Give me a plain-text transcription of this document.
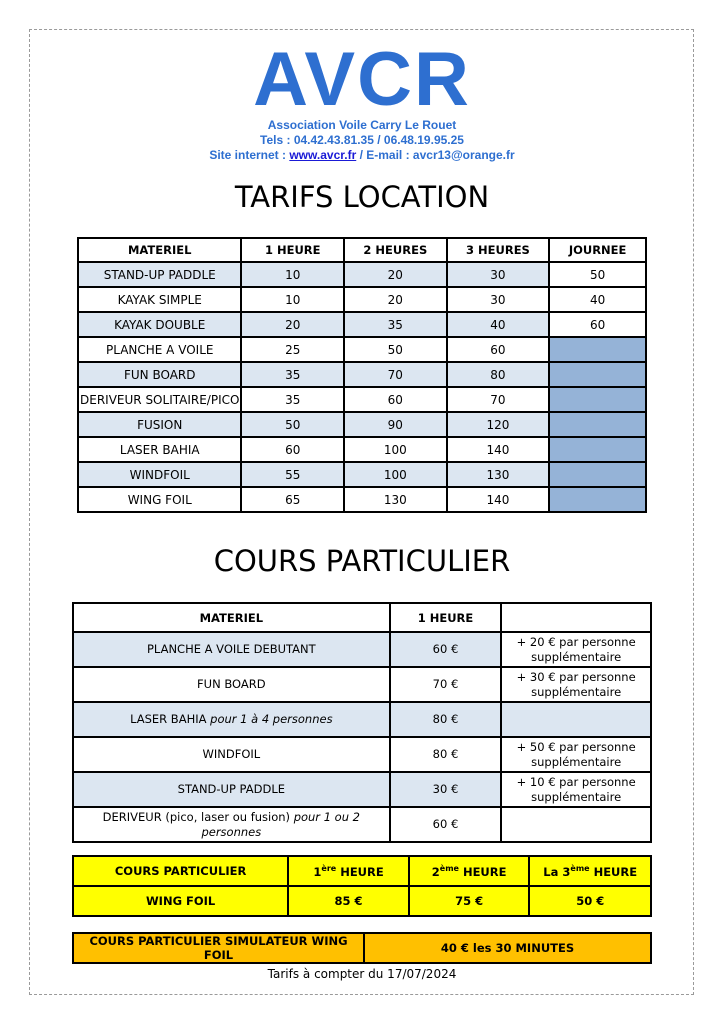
AVCR
Association Voile Carry Le Rouet
Tels : 04.42.43.81.35 / 06.48.19.95.25
Site internet : www.avcr.fr / E-mail : avcr13@orange.fr
TARIFS LOCATION
MATERIEL	1 HEURE	2 HEURES	3 HEURES	JOURNEE
STAND-UP PADDLE	10	20	30	50
KAYAK SIMPLE	10	20	30	40
KAYAK DOUBLE	20	35	40	60
PLANCHE A VOILE	25	50	60	
FUN BOARD	35	70	80	
DERIVEUR SOLITAIRE/PICO	35	60	70	
FUSION	50	90	120	
LASER BAHIA	60	100	140	
WINDFOIL	55	100	130	
WING FOIL	65	130	140	
COURS PARTICULIER
MATERIEL	1 HEURE	
PLANCHE A VOILE DEBUTANT	60 €	+ 20 € par personne supplémentaire
FUN BOARD	70 €	+ 30 € par personne supplémentaire
LASER BAHIA pour 1 à 4 personnes	80 €	
WINDFOIL	80 €	+ 50 € par personne supplémentaire
STAND-UP PADDLE	30 €	+ 10 € par personne supplémentaire
DERIVEUR (pico, laser ou fusion) pour 1 ou 2 personnes	60 €	
COURS PARTICULIER	1ère HEURE	2ème HEURE	La 3ème HEURE
WING FOIL	85 €	75 €	50 €
COURS PARTICULIER SIMULATEUR WING FOIL	40 € les 30 MINUTES
Tarifs à compter du 17/07/2024
